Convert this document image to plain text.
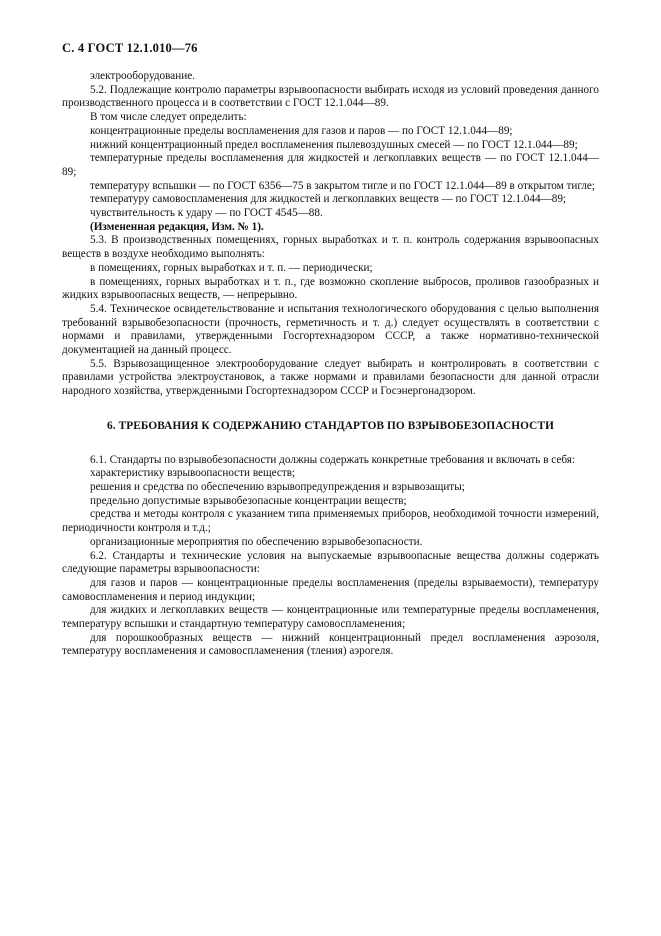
С. 4 ГОСТ 12.1.010—76

электрооборудование.

5.2. Подлежащие контролю параметры взрывоопасности выбирать исходя из условий проведения данного производственного процесса и в соответствии с ГОСТ 12.1.044—89.

В том числе следует определить:

концентрационные пределы воспламенения для газов и паров — по ГОСТ 12.1.044—89;

нижний концентрационный предел воспламенения пылевоздушных смесей — по ГОСТ 12.1.044—89;

температурные пределы воспламенения для жидкостей и легкоплавких веществ — по ГОСТ 12.1.044—89;

температуру вспышки — по ГОСТ 6356—75 в закрытом тигле и по ГОСТ 12.1.044—89 в открытом тигле;

температуру самовоспламенения для жидкостей и легкоплавких веществ — по ГОСТ 12.1.044—89;

чувствительность к удару — по ГОСТ 4545—88.

(Измененная редакция, Изм. № 1).

5.3. В производственных помещениях, горных выработках и т. п. контроль содержания взрывоопасных веществ в воздухе необходимо выполнять:

в помещениях, горных выработках и т. п. — периодически;

в помещениях, горных выработках и т. п., где возможно скопление выбросов, проливов газообразных и жидких взрывоопасных веществ, — непрерывно.

5.4. Техническое освидетельствование и испытания технологического оборудования с целью выполнения требований взрывобезопасности (прочность, герметичность и т. д.) следует осуществлять в соответствии с нормами и правилами, утвержденными Госгортехнадзором СССР, а также нормативно-технической документацией на данный процесс.

5.5. Взрывозащищенное электрооборудование следует выбирать и контролировать в соответствии с правилами устройства электроустановок, а также нормами и правилами безопасности для данной отрасли народного хозяйства, утвержденными Госгортехнадзором СССР и Госэнергонадзором.

6. ТРЕБОВАНИЯ К СОДЕРЖАНИЮ СТАНДАРТОВ ПО ВЗРЫВОБЕЗОПАСНОСТИ

6.1. Стандарты по взрывобезопасности должны содержать конкретные требования и включать в себя:

характеристику взрывоопасности веществ;

решения и средства по обеспечению взрывопредупреждения и взрывозащиты;

предельно допустимые взрывобезопасные концентрации веществ;

средства и методы контроля с указанием типа применяемых приборов, необходимой точности измерений, периодичности контроля и т.д.;

организационные мероприятия по обеспечению взрывобезопасности.

6.2. Стандарты и технические условия на выпускаемые взрывоопасные вещества должны содержать следующие параметры взрывоопасности:

для газов и паров — концентрационные пределы воспламенения (пределы взрываемости), температуру самовоспламенения и период индукции;

для жидких и легкоплавких веществ — концентрационные или температурные пределы воспламенения, температуру вспышки и стандартную температуру самовоспламенения;

для порошкообразных веществ — нижний концентрационный предел воспламенения аэрозоля, температуру воспламенения и самовоспламенения (тления) аэрогеля.
